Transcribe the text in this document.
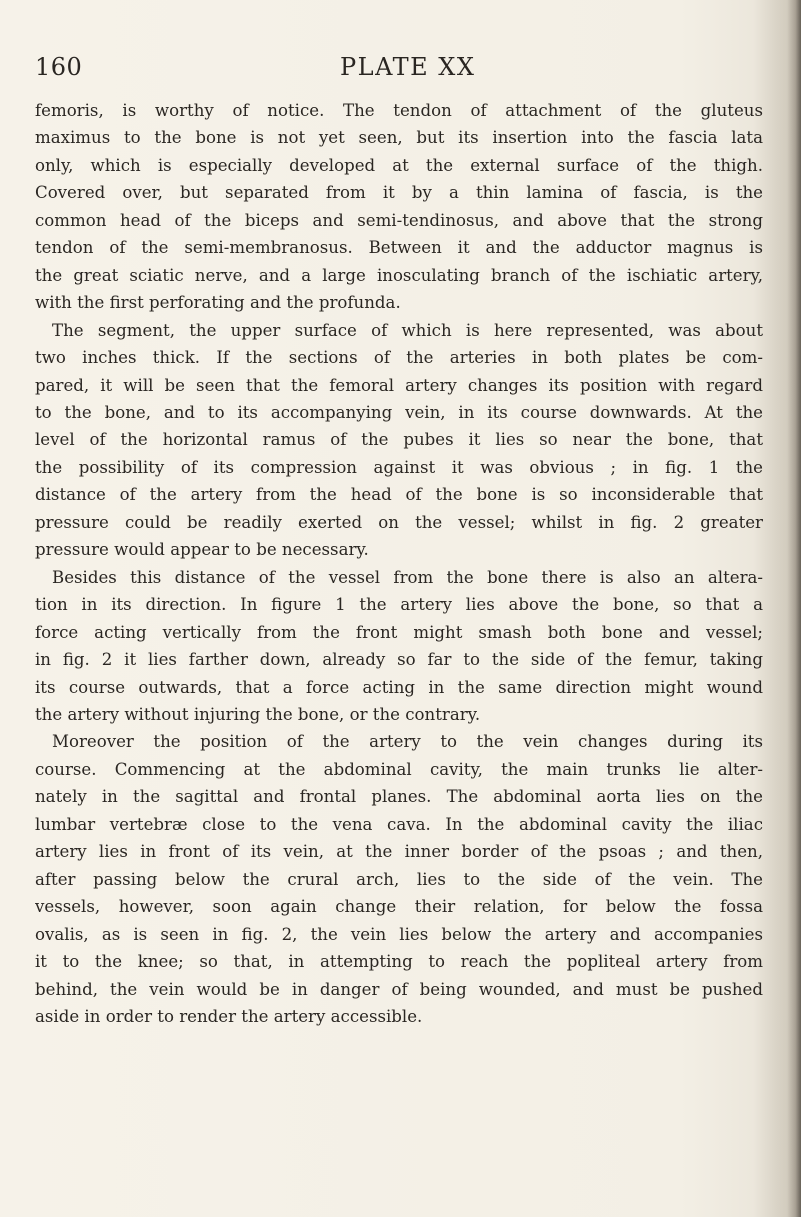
160	PLATE XX
femoris, is worthy of notice. The tendon of attachment of the gluteus
maximus to the bone is not yet seen, but its insertion into the fascia lata
only, which is especially developed at the external surface of the thigh.
Covered over, but separated from it by a thin lamina of fascia, is the
common head of the biceps and semi-tendinosus, and above that the strong
tendon of the semi-membranosus. Between it and the adductor magnus is
the great sciatic nerve, and a large inosculating branch of the ischiatic artery,
with the first perforating and the profunda.
The segment, the upper surface of which is here represented, was about
two inches thick. If the sections of the arteries in both plates be com-
pared, it will be seen that the femoral artery changes its position with regard
to the bone, and to its accompanying vein, in its course downwards. At the
level of the horizontal ramus of the pubes it lies so near the bone, that
the possibility of its compression against it was obvious ; in fig. 1 the
distance of the artery from the head of the bone is so inconsiderable that
pressure could be readily exerted on the vessel; whilst in fig. 2 greater
pressure would appear to be necessary.
Besides this distance of the vessel from the bone there is also an altera-
tion in its direction. In figure 1 the artery lies above the bone, so that a
force acting vertically from the front might smash both bone and vessel;
in fig. 2 it lies farther down, already so far to the side of the femur, taking
its course outwards, that a force acting in the same direction might wound
the artery without injuring the bone, or the contrary.
Moreover the position of the artery to the vein changes during its
course. Commencing at the abdominal cavity, the main trunks lie alter-
nately in the sagittal and frontal planes. The abdominal aorta lies on the
lumbar vertebræ close to the vena cava. In the abdominal cavity the iliac
artery lies in front of its vein, at the inner border of the psoas ; and then,
after passing below the crural arch, lies to the side of the vein. The
vessels, however, soon again change their relation, for below the fossa
ovalis, as is seen in fig. 2, the vein lies below the artery and accompanies
it to the knee; so that, in attempting to reach the popliteal artery from
behind, the vein would be in danger of being wounded, and must be pushed
aside in order to render the artery accessible.
